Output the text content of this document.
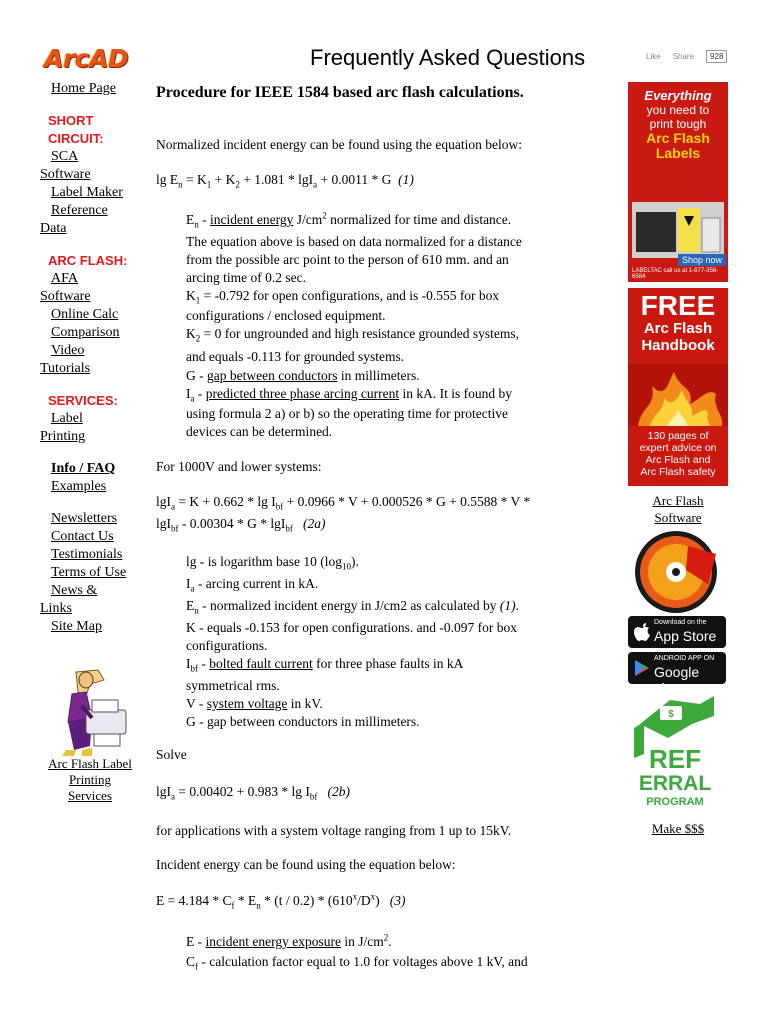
ArcAD	Frequently Asked Questions	Like Share 928
Home Page
SHORT CIRCUIT:
SCA
Software
Label Maker
Reference
Data
ARC FLASH:
AFA
Software
Online Calc
Comparison
Video
Tutorials
SERVICES:
Label
Printing
Info / FAQ
Examples
Newsletters
Contact Us
Testimonials
Terms of Use
News &
Links
Site Map
Arc Flash Label
Printing
Services
Procedure for IEEE 1584 based arc flash calculations.
Normalized incident energy can be found using the equation below:
$\lg E_n = K_1 + K_2 + 1.081 * \lg I_a + 0.0011 * G$  (1)
$E_n$ - incident energy $J/cm^2$ normalized for time and distance.
The equation above is based on data normalized for a distance
from the possible arc point to the person of 610 mm. and an
arcing time of 0.2 sec.
$K_1 = -0.792$ for open configurations, and is -0.555 for box
configurations / enclosed equipment.
$K_2 = 0$ for ungrounded and high resistance grounded systems,
and equals -0.113 for grounded systems.
G - gap between conductors in millimeters.
$I_a$ - predicted three phase arcing current in kA. It is found by
using formula 2 a) or b) so the operating time for protective
devices can be determined.
For 1000V and lower systems:
$\lg I_a = K + 0.662 * \lg I_{bf} + 0.0966 * V + 0.000526 * G + 0.5588 * V$ *
lgI$_{bf}$ - 0.00304 * G * lgI$_{bf}$ (2a)
lg - is logarithm base 10 $(\log_{10})$.
$I_a$ - arcing current in kA.
$E_n$ - normalized incident energy in J/cm2 as calculated by (1).
K - equals -0.153 for open configurations. and -0.097 for box
configurations.
$I_{bf}$ - bolted fault current for three phase faults in kA
symmetrical rms.
V - system voltage in kV.
G - gap between conductors in millimeters.
Solve
$\lg I_a = 0.00402 + 0.983 * \lg I_{bf}$ (2b)
for applications with a system voltage ranging from 1 up to 15kV.
Incident energy can be found using the equation below:
$E = 4.184 * C_f * E_n * (t / 0.2) * (610^x/D^x)$   (3)
E - incident energy exposure in $J/cm^2$.
$C_f$ - calculation factor equal to 1.0 for voltages above 1 kV, and
Everything
you need to
print tough
Arc Flash
Labels
Shop now
LABELTAC call us at 1-877-356-6584
FREE
Arc Flash
Handbook
130 pages of
expert advice on
Arc Flash and
Arc Flash safety
Arc Flash
Software
Download on the
App Store
ANDROID APP ON
Google play
$
REF
ERRAL
PROGRAM
Make $$$
